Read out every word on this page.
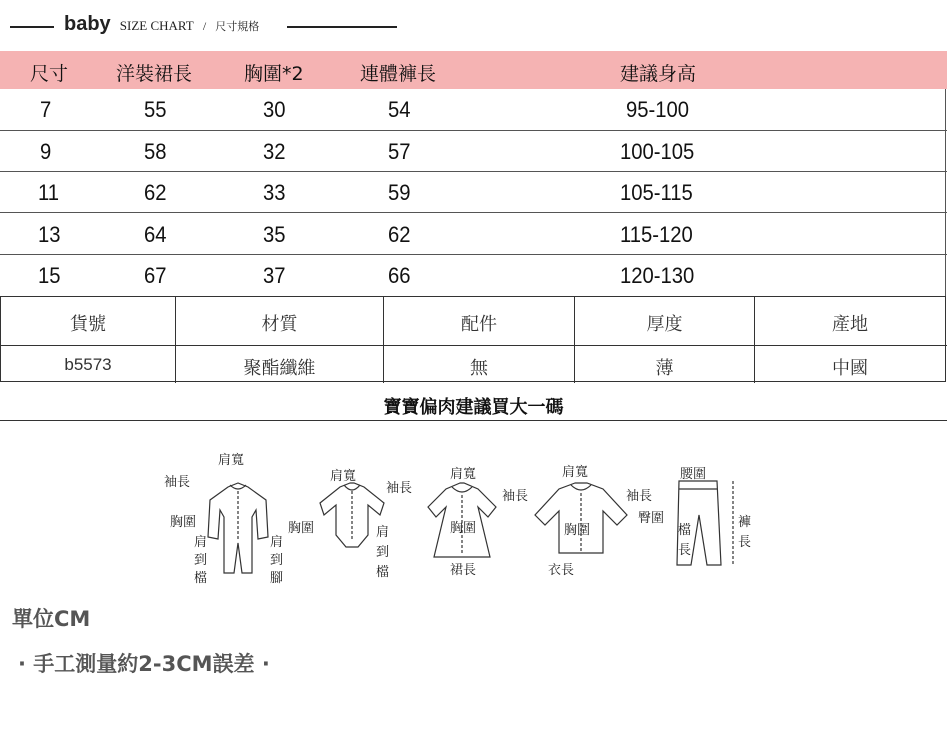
baby SIZE CHART / 尺寸規格
尺寸	洋裝裙長	胸圍*2	連體褲長	建議身高
7	55	30	54	95-100
9	58	32	57	100-105
11	62	33	59	105-115
13	64	35	62	115-120
15	67	37	66	120-130
貨號	材質	配件	厚度	產地
b5573	聚酯纖維	無	薄	中國
寶寶偏肉建議買大一碼
肩寬
袖長
胸圍
肩
到
檔
肩
到
腳
肩寬
袖長
胸圍	肩
到
檔
肩寬
袖長
胸圍
裙長
肩寬
袖長
胸圍
衣長
腰圍
臀圍
檔
長
褲
長
單位CM
· 手工測量約2-3CM誤差 ·
